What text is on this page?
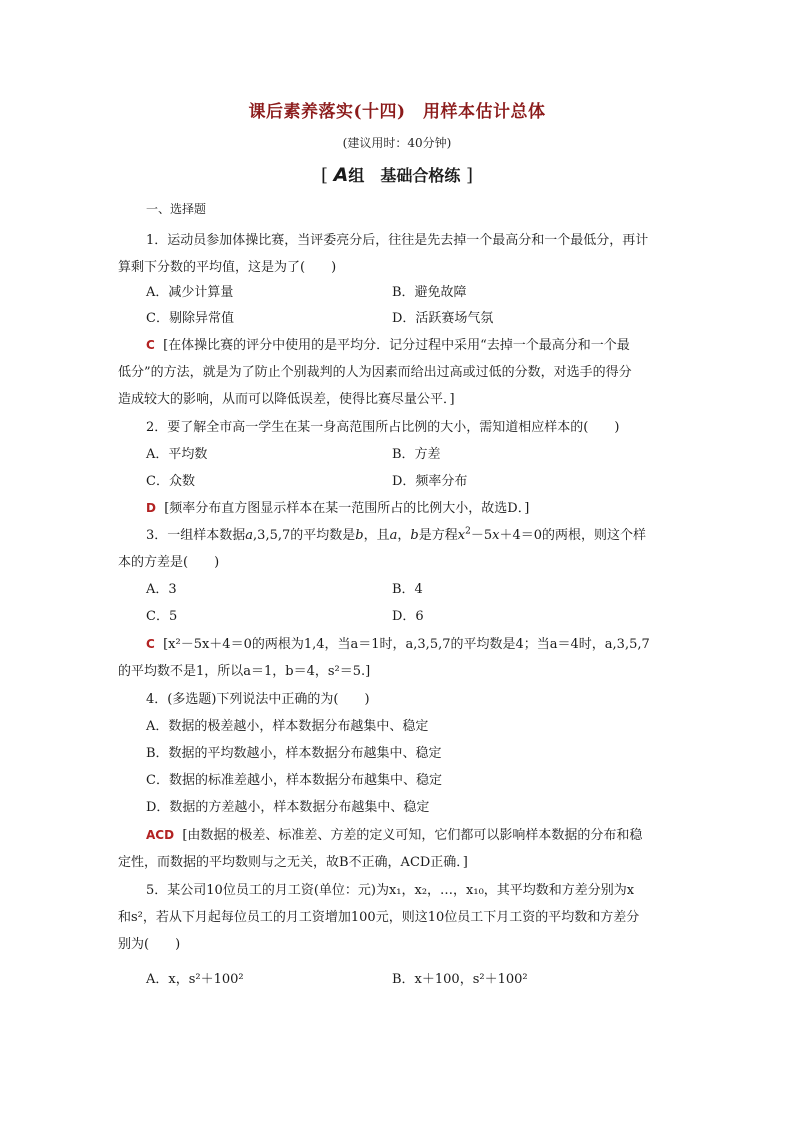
课后素养落实(十四)　用样本估计总体
(建议用时：40分钟)
[ A组　基础合格练 ]
一、选择题
1．运动员参加体操比赛，当评委亮分后，往往是先去掉一个最高分和一个最低分，再计
算剩下分数的平均值，这是为了(　　)
A．减少计算量	B．避免故障
C．剔除异常值	D．活跃赛场气氛
C [在体操比赛的评分中使用的是平均分．记分过程中采用“去掉一个最高分和一个最
低分”的方法，就是为了防止个别裁判的人为因素而给出过高或过低的分数，对选手的得分
造成较大的影响，从而可以降低误差，使得比赛尽量公平．]
2．要了解全市高一学生在某一身高范围所占比例的大小，需知道相应样本的(　　)
A．平均数	B．方差
C．众数	D．频率分布
D [频率分布直方图显示样本在某一范围所占的比例大小，故选D．]
3．一组样本数据a,3,5,7的平均数是b，且a，b是方程$x^2-5x+4=0$的两根，则这个样
本的方差是(　　)
A．3	B．4
C．5	D．6
C [x²－5x＋4＝0的两根为1,4，当a＝1时，a,3,5,7的平均数是4；当a＝4时，a,3,5,7
的平均数不是1，所以a＝1，b＝4，s²＝5.]
4．(多选题)下列说法中正确的为(　　)
A．数据的极差越小，样本数据分布越集中、稳定
B．数据的平均数越小，样本数据分布越集中、稳定
C．数据的标准差越小，样本数据分布越集中、稳定
D．数据的方差越小，样本数据分布越集中、稳定
ACD [由数据的极差、标准差、方差的定义可知，它们都可以影响样本数据的分布和稳
定性，而数据的平均数则与之无关，故B不正确，ACD正确．]
5．某公司10位员工的月工资(单位：元)为x₁，x₂，…，x₁₀，其平均数和方差分别为x
和s²，若从下月起每位员工的月工资增加100元，则这10位员工下月工资的平均数和方差分
别为(　　)
A．x，s²＋100²	B．x＋100，s²＋100²
